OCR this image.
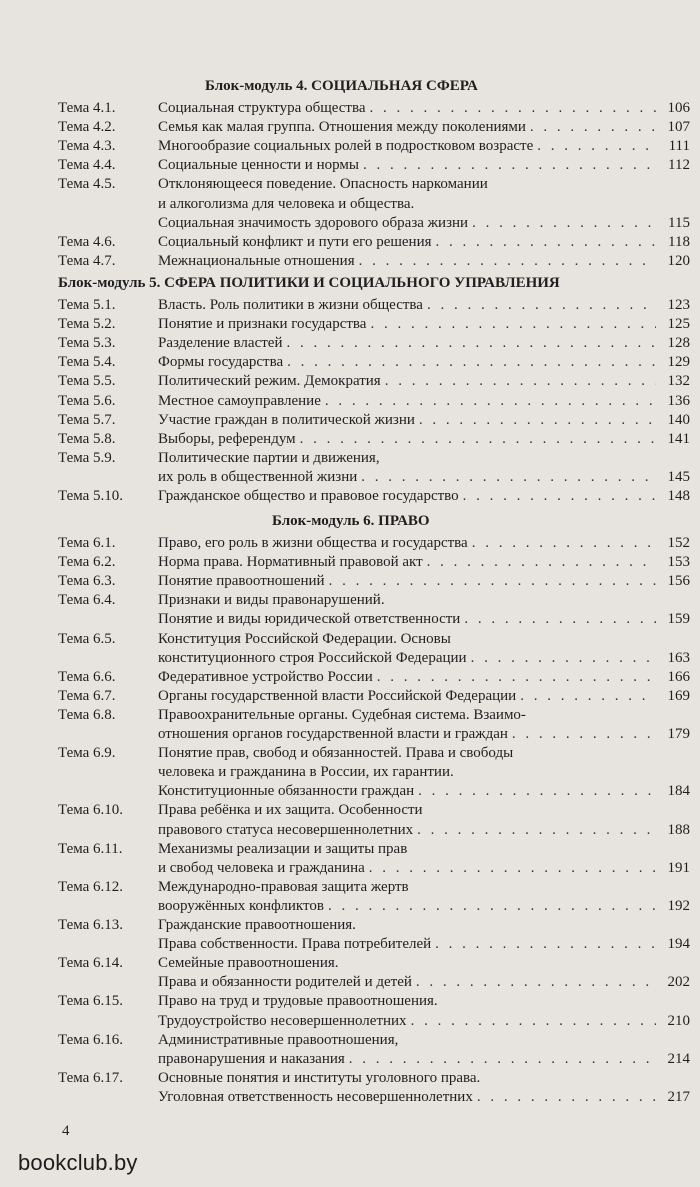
Блок-модуль 4. СОЦИАЛЬНАЯ СФЕРА
Тема 4.1.	Социальная структура общества . . .	106
Тема 4.2.	Семья как малая группа. Отношения между поколениями . . .	107
Тема 4.3.	Многообразие социальных ролей в подростковом возрасте . . .	111
Тема 4.4.	Социальные ценности и нормы . . .	112
Тема 4.5.	Отклоняющееся поведение. Опасность наркомании
и алкоголизма для человека и общества.
Социальная значимость здорового образа жизни . . .	115
Тема 4.6.	Социальный конфликт и пути его решения . . .	118
Тема 4.7.	Межнациональные отношения . . .	120
Блок-модуль 5. СФЕРА ПОЛИТИКИ И СОЦИАЛЬНОГО УПРАВЛЕНИЯ
Тема 5.1.	Власть. Роль политики в жизни общества . . .	123
Тема 5.2.	Понятие и признаки государства . . .	125
Тема 5.3.	Разделение властей . . .	128
Тема 5.4.	Формы государства . . .	129
Тема 5.5.	Политический режим. Демократия . . .	132
Тема 5.6.	Местное самоуправление . . .	136
Тема 5.7.	Участие граждан в политической жизни . . .	140
Тема 5.8.	Выборы, референдум . . .	141
Тема 5.9.	Политические партии и движения,
их роль в общественной жизни . . .	145
Тема 5.10.	Гражданское общество и правовое государство . . .	148
Блок-модуль 6. ПРАВО
Тема 6.1.	Право, его роль в жизни общества и государства . . .	152
Тема 6.2.	Норма права. Нормативный правовой акт . . .	153
Тема 6.3.	Понятие правоотношений . . .	156
Тема 6.4.	Признаки и виды правонарушений.
Понятие и виды юридической ответственности . . .	159
Тема 6.5.	Конституция Российской Федерации. Основы
конституционного строя Российской Федерации . . .	163
Тема 6.6.	Федеративное устройство России . . .	166
Тема 6.7.	Органы государственной власти Российской Федерации . . .	169
Тема 6.8.	Правоохранительные органы. Судебная система. Взаимо-
отношения органов государственной власти и граждан . . .	179
Тема 6.9.	Понятие прав, свобод и обязанностей. Права и свободы
человека и гражданина в России, их гарантии.
Конституционные обязанности граждан . . .	184
Тема 6.10.	Права ребёнка и их защита. Особенности
правового статуса несовершеннолетних . . .	188
Тема 6.11.	Механизмы реализации и защиты прав
и свобод человека и гражданина . . .	191
Тема 6.12.	Международно-правовая защита жертв
вооружённых конфликтов . . .	192
Тема 6.13.	Гражданские правоотношения.
Права собственности. Права потребителей . . .	194
Тема 6.14.	Семейные правоотношения.
Права и обязанности родителей и детей . . .	202
Тема 6.15.	Право на труд и трудовые правоотношения.
Трудоустройство несовершеннолетних . . .	210
Тема 6.16.	Административные правоотношения,
правонарушения и наказания . . .	214
Тема 6.17.	Основные понятия и институты уголовного права.
Уголовная ответственность несовершеннолетних . . .	217
4
bookclub.by
